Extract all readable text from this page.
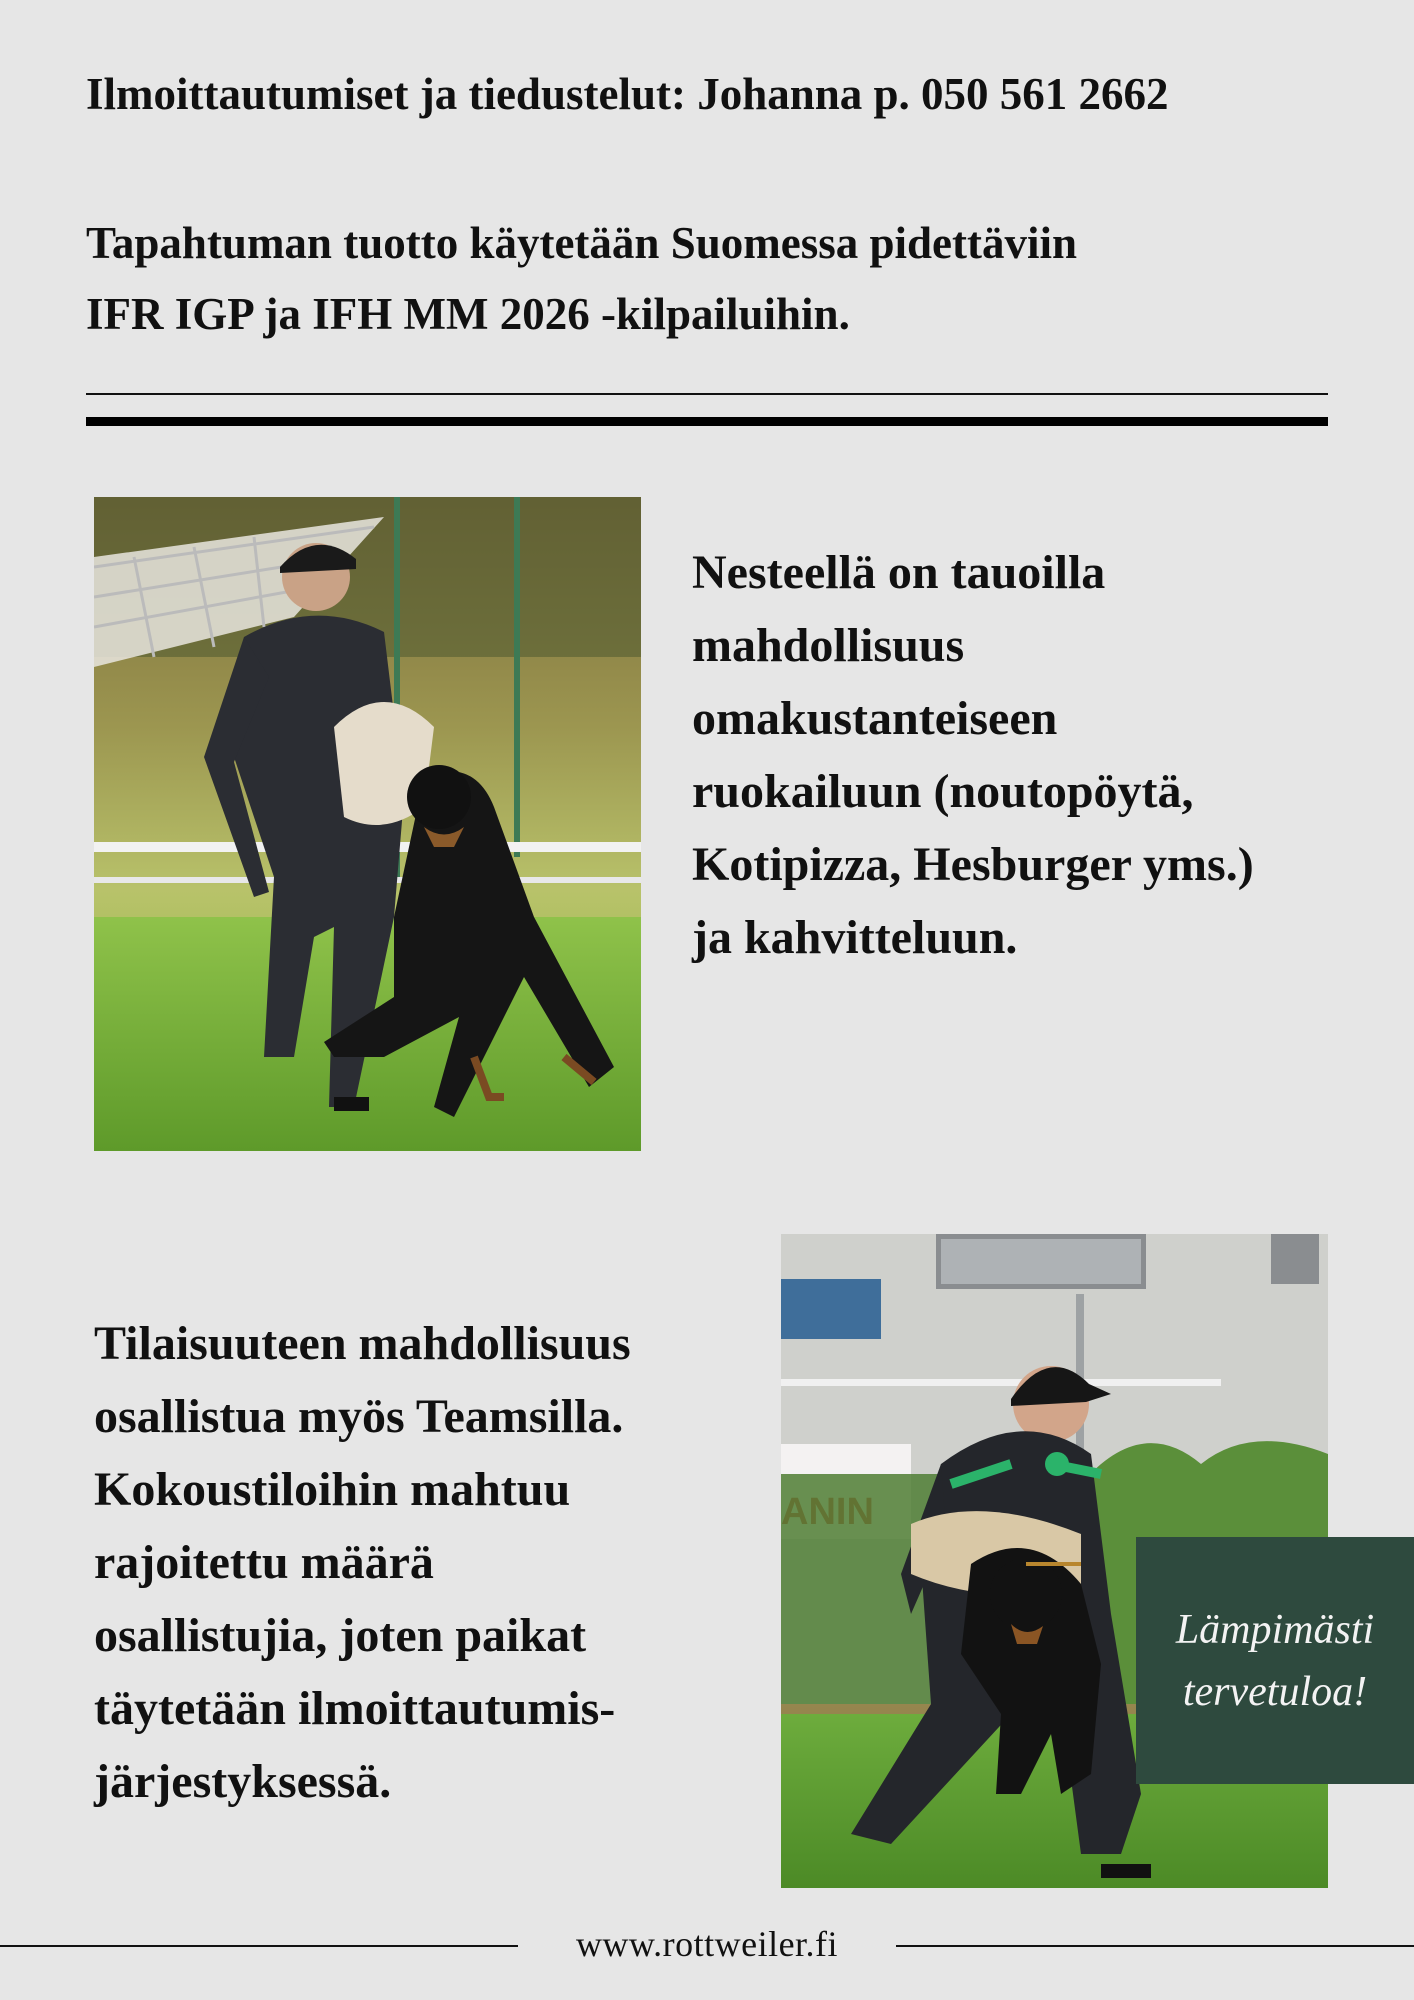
Ilmoittautumiset ja tiedustelut: Johanna p. 050 561 2662

Tapahtuman tuotto käytetään Suomessa pidettäviin
IFR IGP ja IFH MM 2026 -kilpailuihin.

Nesteellä on tauoilla
mahdollisuus
omakustanteiseen
ruokailuun (noutopöytä,
Kotipizza, Hesburger yms.)
ja kahvitteluun.

Tilaisuuteen mahdollisuus
osallistua myös Teamsilla.
Kokoustiloihin mahtuu
rajoitettu määrä
osallistujia, joten paikat
täytetään ilmoittautumis-
järjestyksessä.

Lämpimästi
tervetuloa!
www.rottweiler.fi
